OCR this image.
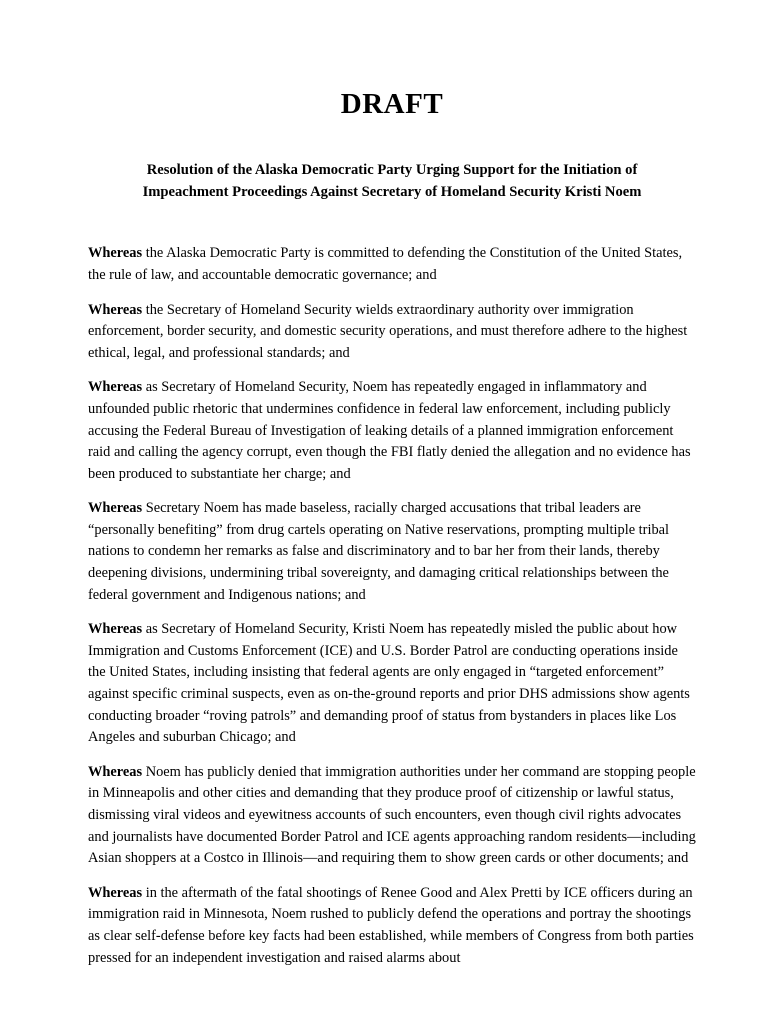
DRAFT
Resolution of the Alaska Democratic Party Urging Support for the Initiation of Impeachment Proceedings Against Secretary of Homeland Security Kristi Noem

Whereas the Alaska Democratic Party is committed to defending the Constitution of the United States, the rule of law, and accountable democratic governance; and

Whereas the Secretary of Homeland Security wields extraordinary authority over immigration enforcement, border security, and domestic security operations, and must therefore adhere to the highest ethical, legal, and professional standards; and

Whereas as Secretary of Homeland Security, Noem has repeatedly engaged in inflammatory and unfounded public rhetoric that undermines confidence in federal law enforcement, including publicly accusing the Federal Bureau of Investigation of leaking details of a planned immigration enforcement raid and calling the agency corrupt, even though the FBI flatly denied the allegation and no evidence has been produced to substantiate her charge; and

Whereas Secretary Noem has made baseless, racially charged accusations that tribal leaders are “personally benefiting” from drug cartels operating on Native reservations, prompting multiple tribal nations to condemn her remarks as false and discriminatory and to bar her from their lands, thereby deepening divisions, undermining tribal sovereignty, and damaging critical relationships between the federal government and Indigenous nations; and

Whereas as Secretary of Homeland Security, Kristi Noem has repeatedly misled the public about how Immigration and Customs Enforcement (ICE) and U.S. Border Patrol are conducting operations inside the United States, including insisting that federal agents are only engaged in “targeted enforcement” against specific criminal suspects, even as on-the-ground reports and prior DHS admissions show agents conducting broader “roving patrols” and demanding proof of status from bystanders in places like Los Angeles and suburban Chicago; and

Whereas Noem has publicly denied that immigration authorities under her command are stopping people in Minneapolis and other cities and demanding that they produce proof of citizenship or lawful status, dismissing viral videos and eyewitness accounts of such encounters, even though civil rights advocates and journalists have documented Border Patrol and ICE agents approaching random residents—including Asian shoppers at a Costco in Illinois—and requiring them to show green cards or other documents; and

Whereas in the aftermath of the fatal shootings of Renee Good and Alex Pretti by ICE officers during an immigration raid in Minnesota, Noem rushed to publicly defend the operations and portray the shootings as clear self-defense before key facts had been established, while members of Congress from both parties pressed for an independent investigation and raised alarms about
